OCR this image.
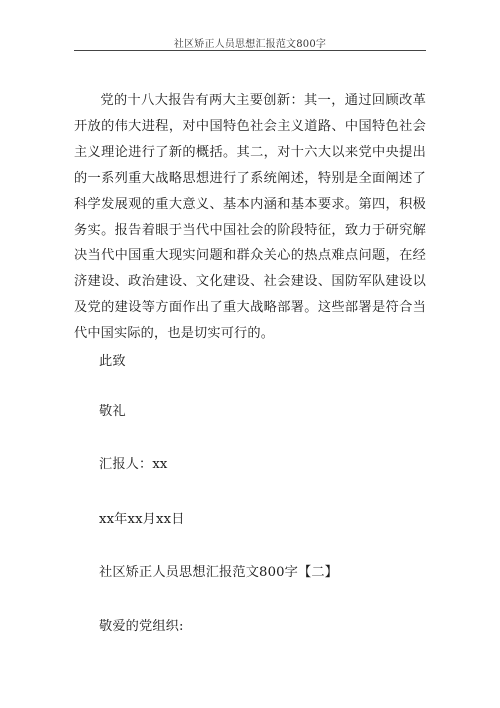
社区矫正人员思想汇报范文800字

党的十八大报告有两大主要创新：其一，通过回顾改革开放的伟大进程，对中国特色社会主义道路、中国特色社会主义理论进行了新的概括。其二，对十六大以来党中央提出的一系列重大战略思想进行了系统阐述，特别是全面阐述了科学发展观的重大意义、基本内涵和基本要求。第四，积极务实。报告着眼于当代中国社会的阶段特征，致力于研究解决当代中国重大现实问题和群众关心的热点难点问题，在经济建设、政治建设、文化建设、社会建设、国防军队建设以及党的建设等方面作出了重大战略部署。这些部署是符合当代中国实际的，也是切实可行的。

此致

敬礼

汇报人：xx

xx年xx月xx日

社区矫正人员思想汇报范文800字【二】

敬爱的党组织:
